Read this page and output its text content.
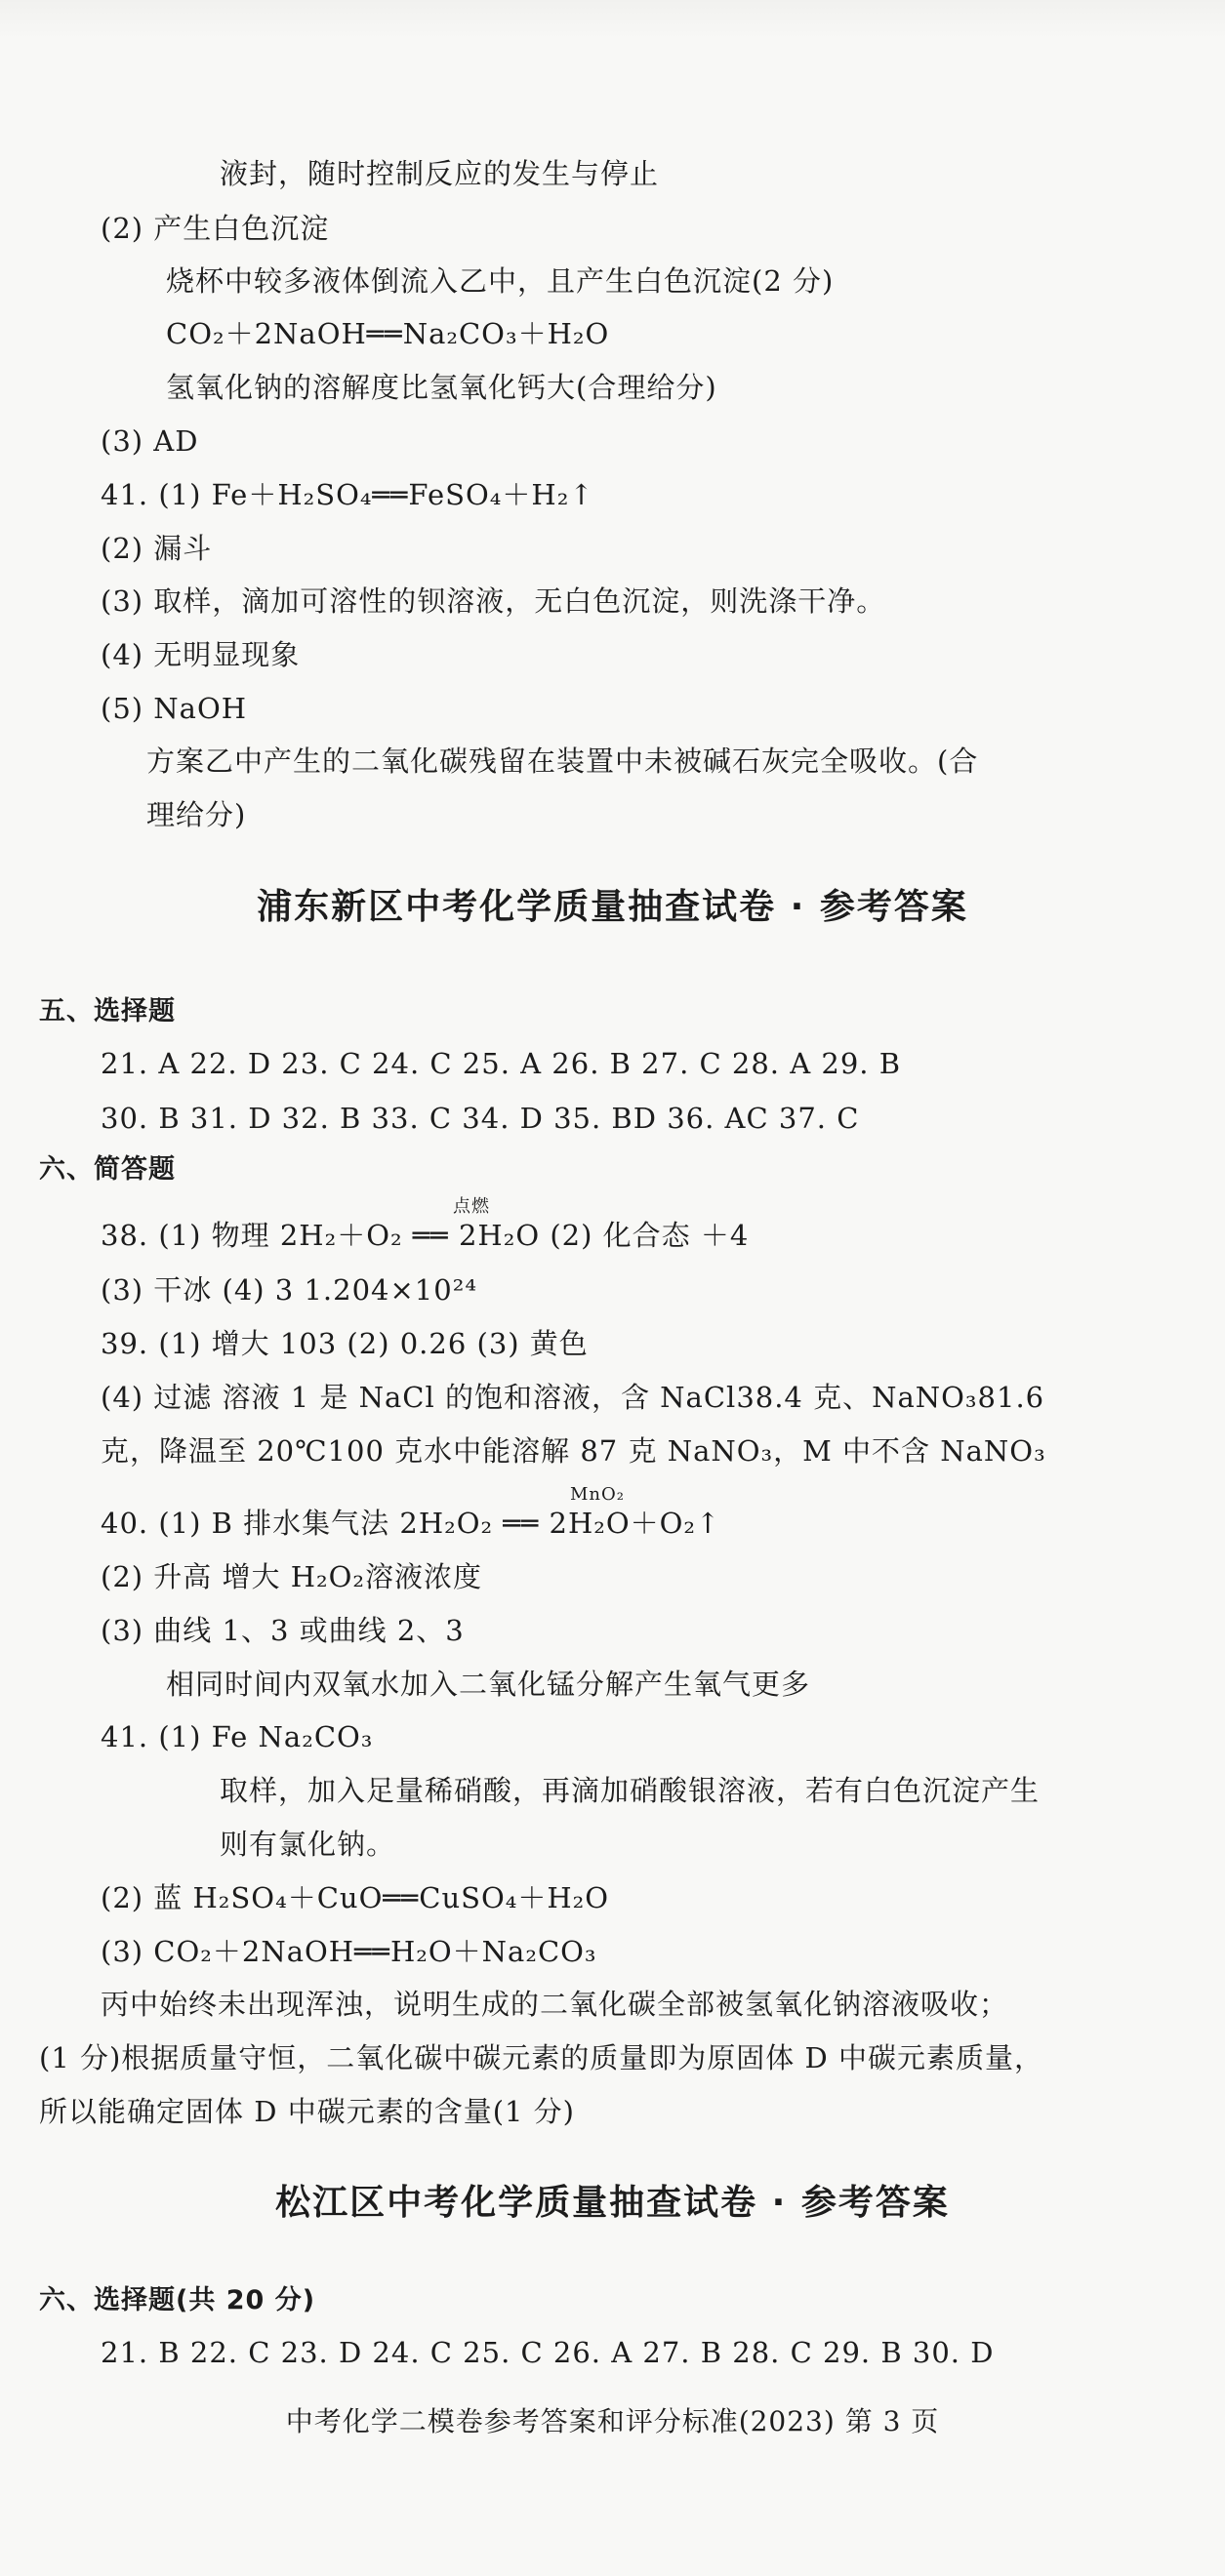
液封，随时控制反应的发生与停止
(2) 产生白色沉淀
烧杯中较多液体倒流入乙中，且产生白色沉淀(2 分)
CO₂＋2NaOH══Na₂CO₃＋H₂O
氢氧化钠的溶解度比氢氧化钙大(合理给分)
(3) AD
41. (1) Fe＋H₂SO₄══FeSO₄＋H₂↑
(2) 漏斗
(3) 取样，滴加可溶性的钡溶液，无白色沉淀，则洗涤干净。
(4) 无明显现象
(5) NaOH
方案乙中产生的二氧化碳残留在装置中未被碱石灰完全吸收。(合
理给分)
浦东新区中考化学质量抽查试卷 · 参考答案
五、选择题
21. A 22. D 23. C 24. C 25. A 26. B 27. C 28. A 29. B
30. B 31. D 32. B 33. C 34. D 35. BD 36. AC 37. C
六、简答题
38. (1) 物理 2H₂＋O₂ ══ 2H₂O (2) 化合态 ＋4
点燃
(3) 干冰 (4) 3 1.204×10²⁴
39. (1) 增大 103 (2) 0.26 (3) 黄色
(4) 过滤 溶液 1 是 NaCl 的饱和溶液，含 NaCl38.4 克、NaNO₃81.6
克，降温至 20℃100 克水中能溶解 87 克 NaNO₃，M 中不含 NaNO₃
40. (1) B 排水集气法 2H₂O₂ ══ 2H₂O＋O₂↑
MnO₂
(2) 升高 增大 H₂O₂溶液浓度
(3) 曲线 1、3 或曲线 2、3
相同时间内双氧水加入二氧化锰分解产生氧气更多
41. (1) Fe Na₂CO₃
取样，加入足量稀硝酸，再滴加硝酸银溶液，若有白色沉淀产生
则有氯化钠。
(2) 蓝 H₂SO₄＋CuO══CuSO₄＋H₂O
(3) CO₂＋2NaOH══H₂O＋Na₂CO₃
丙中始终未出现浑浊，说明生成的二氧化碳全部被氢氧化钠溶液吸收；
(1 分)根据质量守恒，二氧化碳中碳元素的质量即为原固体 D 中碳元素质量，
所以能确定固体 D 中碳元素的含量(1 分)
松江区中考化学质量抽查试卷 · 参考答案
六、选择题(共 20 分)
21. B 22. C 23. D 24. C 25. C 26. A 27. B 28. C 29. B 30. D
中考化学二模卷参考答案和评分标准(2023) 第 3 页
